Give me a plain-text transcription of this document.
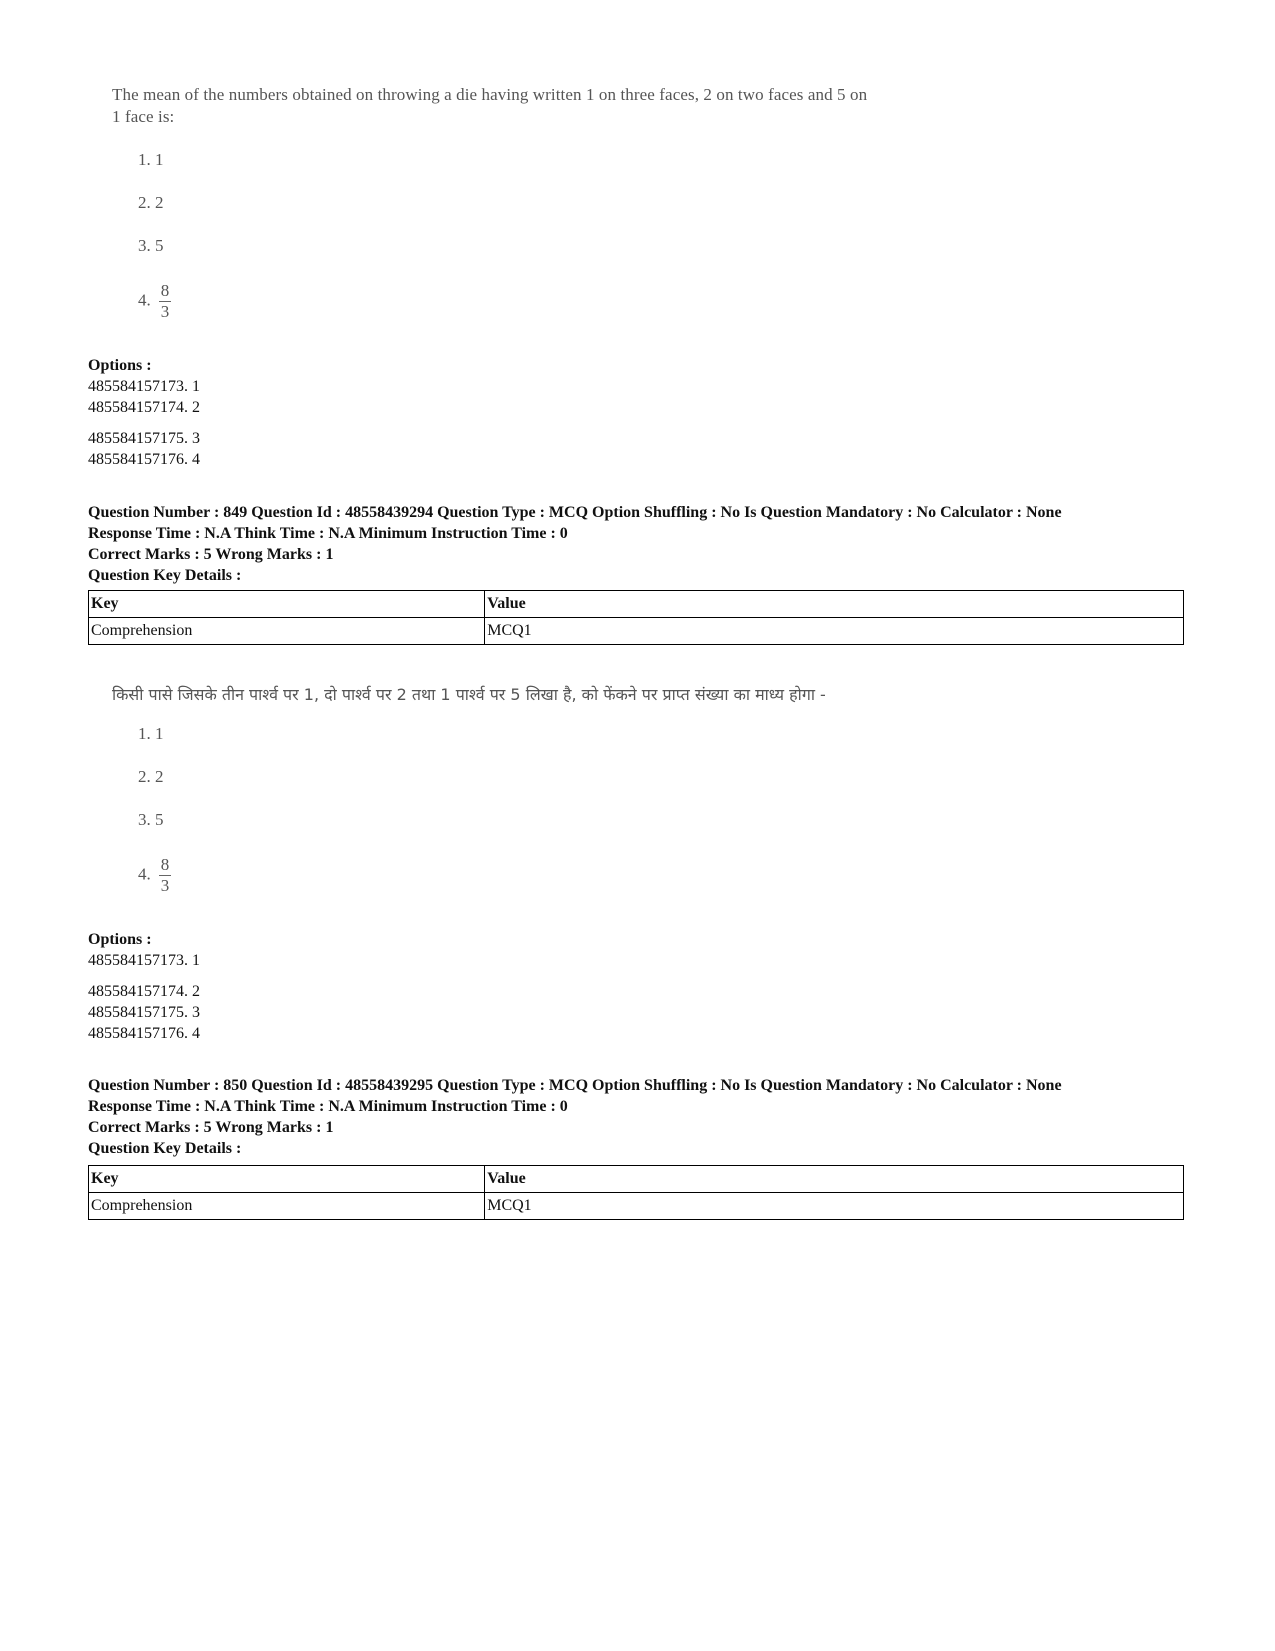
The mean of the numbers obtained on throwing a die having written 1 on three faces, 2 on two faces and 5 on
1 face is:
1. 1
2. 2
3. 5
4. $\frac{8}{3}$
Options :
485584157173. 1
485584157174. 2
485584157175. 3
485584157176. 4
Question Number : 849 Question Id : 48558439294 Question Type : MCQ Option Shuffling : No Is Question Mandatory : No Calculator : None
Response Time : N.A Think Time : N.A Minimum Instruction Time : 0
Correct Marks : 5 Wrong Marks : 1
Question Key Details :
Key	Value
Comprehension	MCQ1
किसी पासे जिसके तीन पार्श्व पर 1, दो पार्श्व पर 2 तथा 1 पार्श्व पर 5 लिखा है, को फेंकने पर प्राप्त संख्या का माध्य होगा -
1. 1
2. 2
3. 5
4. $\frac{8}{3}$
Options :
485584157173. 1
485584157174. 2
485584157175. 3
485584157176. 4
Question Number : 850 Question Id : 48558439295 Question Type : MCQ Option Shuffling : No Is Question Mandatory : No Calculator : None
Response Time : N.A Think Time : N.A Minimum Instruction Time : 0
Correct Marks : 5 Wrong Marks : 1
Question Key Details :
Key	Value
Comprehension	MCQ1
